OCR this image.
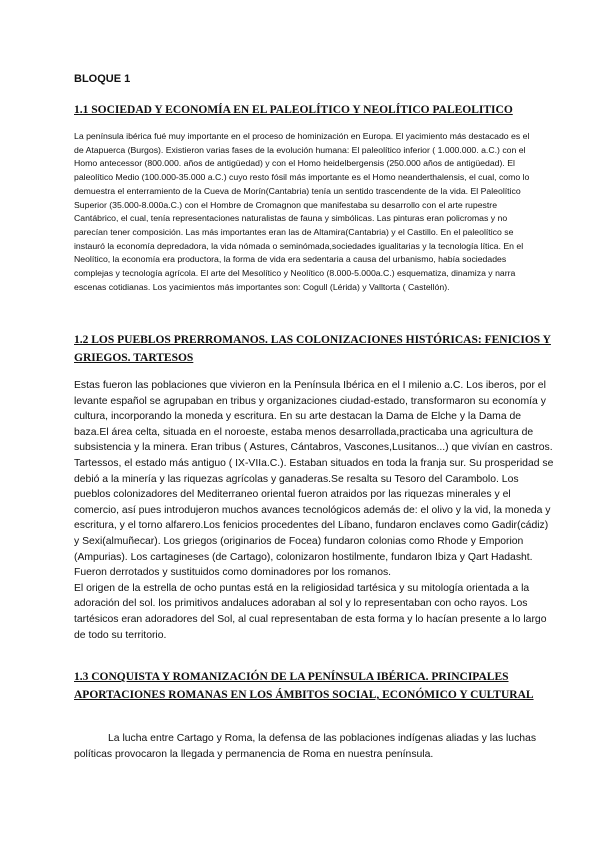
BLOQUE 1
1.1 SOCIEDAD Y ECONOMÍA EN EL PALEOLÍTICO Y NEOLÍTICO PALEOLITICO

La península ibérica fué muy importante en el proceso de hominización en Europa. El yacimiento más destacado es el de Atapuerca (Burgos). Existieron varias fases de la evolución humana: El paleolítico inferior ( 1.000.000. a.C.) con el Homo antecessor (800.000. años de antigüedad) y con el Homo heidelbergensis (250.000 años de antigüedad). El paleolítico Medio (100.000-35.000 a.C.) cuyo resto fósil más importante es el Homo neanderthalensis, el cual, como lo demuestra el enterramiento de la Cueva de Morín(Cantabria) tenía un sentido trascendente de la vida. El Paleolítico Superior (35.000-8.000a.C.) con el Hombre de Cromagnon que manifestaba su desarrollo con el arte rupestre Cantábrico, el cual, tenía representaciones naturalistas de fauna y simbólicas. Las pinturas eran policromas y no parecían tener composición. Las más importantes eran las de Altamira(Cantabria) y el Castillo. En el paleolítico se instauró la economía depredadora, la vida nómada o seminómada,sociedades igualitarias y la tecnología lítica. En el Neolítico, la economía era productora, la forma de vida era sedentaria a causa del urbanismo, había sociedades complejas y tecnología agrícola. El arte del Mesolítico y Neolítico (8.000-5.000a.C.) esquematiza, dinamiza y narra escenas cotidianas. Los yacimientos más importantes son: Cogull (Lérida) y Valltorta ( Castellón).

1.2 LOS PUEBLOS PRERROMANOS. LAS COLONIZACIONES HISTÓRICAS: FENICIOS Y GRIEGOS. TARTESOS
Estas fueron las poblaciones que vivieron en la Península Ibérica en el I milenio a.C. Los iberos, por el levante español se agrupaban en tribus y organizaciones ciudad-estado, transformaron su economía y cultura, incorporando la moneda y escritura. En su arte destacan la Dama de Elche y la Dama de baza.El área celta, situada en el noroeste, estaba menos desarrollada,practicaba una agricultura de subsistencia y la minera. Eran tribus ( Astures, Cántabros, Vascones,Lusitanos...) que vivían en castros. Tartessos, el estado más antiguo ( IX-VIIa.C.). Estaban situados en toda la franja sur. Su prosperidad se debió a la minería y las riquezas agrícolas y ganaderas.Se resalta su Tesoro del Carambolo. Los pueblos colonizadores del Mediterraneo oriental fueron atraidos por las riquezas minerales y el comercio, así pues introdujeron muchos avances tecnológicos además de: el olivo y la vid, la moneda y escritura, y el torno alfarero.Los fenicios procedentes del Líbano, fundaron enclaves como Gadir(cádiz) y Sexi(almuñecar). Los griegos (originarios de Focea) fundaron colonias como Rhode y Emporion (Ampurias). Los cartagineses (de Cartago), colonizaron hostilmente, fundaron Ibiza y Qart Hadasht. Fueron derrotados y sustituidos como dominadores por los romanos.
El origen de la estrella de ocho puntas está en la religiosidad tartésica y su mitología orientada a la adoración del sol. los primitivos andaluces adoraban al sol y lo representaban con ocho rayos. Los tartésicos eran adoradores del Sol, al cual representaban de esta forma y lo hacían presente a lo largo de todo su territorio.
1.3 CONQUISTA Y ROMANIZACIÓN DE LA PENÍNSULA IBÉRICA. PRINCIPALES APORTACIONES ROMANAS EN LOS ÁMBITOS SOCIAL, ECONÓMICO Y CULTURAL

La lucha entre Cartago y Roma, la defensa de las poblaciones indígenas aliadas y las luchas políticas provocaron la llegada y permanencia de Roma en nuestra península.
